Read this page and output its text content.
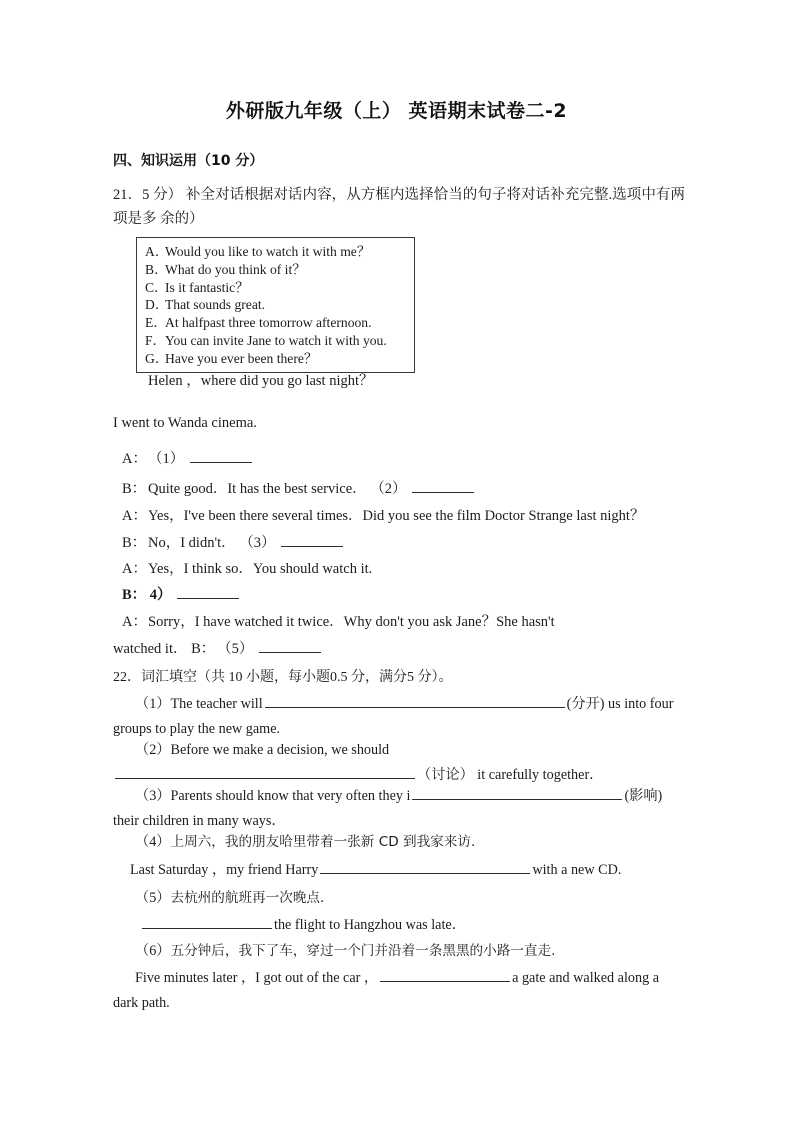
外研版九年级（上） 英语期末试卷二-2
四、知识运用（10 分）
21．5 分） 补全对话根据对话内容，从方框内选择恰当的句子将对话补充完整.选项中有两项是多 余的）
A．Would you like to watch it with me？
B．What do you think of it？
C．Is it fantastic？
D．That sounds great.
E．At halfpast three tomorrow afternoon.
F．You can invite Jane to watch it with you.
G．Have you ever been there？
Helen ，where did you go last night？
I went to Wanda cinema.
A：（1）
B： Quite good．It has the best service． （2）
A：Yes，I've been there several times．Did you see the film Doctor Strange last night？
B： No，I didn't． （3）
A：Yes，I think so．You should watch it.
B： 4）
A：Sorry，I have watched it twice．Why don't you ask Jane？She hasn't
watched it． B： （5）
22．词汇填空（共 10 小题，每小题0.5 分，满分5 分）。
（1）The teacher will	(分开) us into four groups to play the new game.
（2）Before we make a decision, we should（讨论） it carefully together．
（3）Parents should know that very often they i	(影响) their children in many ways．
（4）上周六，我的朋友哈里带着一张新 CD 到我家来访.
Last Saturday ，my friend Harry	with a new CD.
（5）去杭州的航班再一次晚点.
the flight to Hangzhou was late．
（6）五分钟后，我下了车，穿过一个门并沿着一条黑黑的小路一直走.
Five minutes later ，I got out of the car ，	a gate and walked along a dark path.
